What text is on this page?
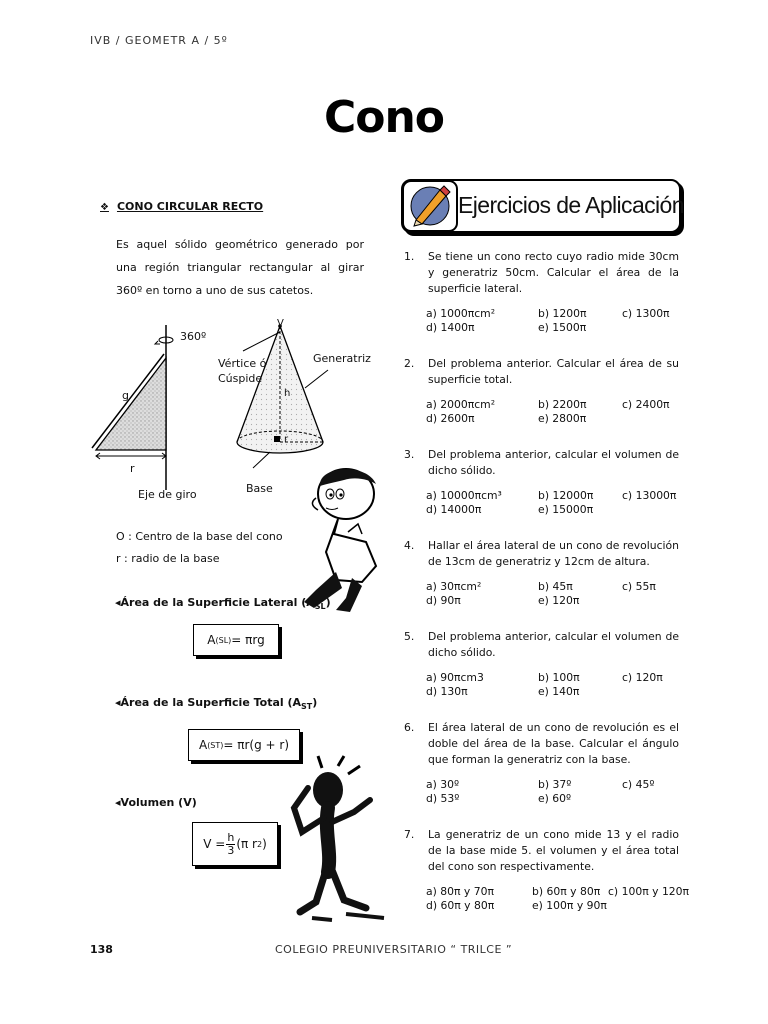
IVB / GEOMETR A / 5º
Cono
❖ CONO CIRCULAR RECTO
Es aquel sólido geométrico generado por una región triangular rectangular al girar 360º en torno a uno de sus catetos.
360º
g
r
Eje de giro
V
Vértice ó
Cúspide
Generatriz
h
r
Base
O : Centro de la base del cono
r : radio de la base
◂Área de la Superficie Lateral $(A_{SL})$
A (SL) = πrg
◂Área de la Superficie Total $(A_{ST})$
A (ST) = πr(g + r)
◂Volumen (V)
$V = \frac{h}{3} (\pi$ r 2 )
Ejercicios de Aplicación
1. Se tiene un cono recto cuyo radio mide 30cm y generatriz 50cm. Calcular el área de la superficie lateral.
a) 1000πcm²	b) 1200π	c) 1300π
d) 1400π	e) 1500π
2. Del problema anterior. Calcular el área de su superficie total.
a) 2000πcm²	b) 2200π	c) 2400π
d) 2600π	e) 2800π
3. Del problema anterior, calcular el volumen de dicho sólido.
a) 10000πcm³	b) 12000π	c) 13000π
d) 14000π	e) 15000π
4. Hallar el área lateral de un cono de revolución de 13cm de generatriz y 12cm de altura.
a) 30πcm²	b) 45π	c) 55π
d) 90π	e) 120π
5. Del problema anterior, calcular el volumen de dicho sólido.
a) 90πcm3	b) 100π	c) 120π
d) 130π	e) 140π
6. El área lateral de un cono de revolución es el doble del área de la base. Calcular el ángulo que forman la generatriz con la base.
a) 30º	b) 37º	c) 45º
d) 53º	e) 60º
7. La generatriz de un cono mide 13 y el radio de la base mide 5. el volumen y el área total del cono son respectivamente.
a) 80π y 70π	b) 60π y 80π c) 100π y 120π
d) 60π y 80π	e) 100π y 90π
138	COLEGIO PREUNIVERSITARIO “ TRILCE ”
